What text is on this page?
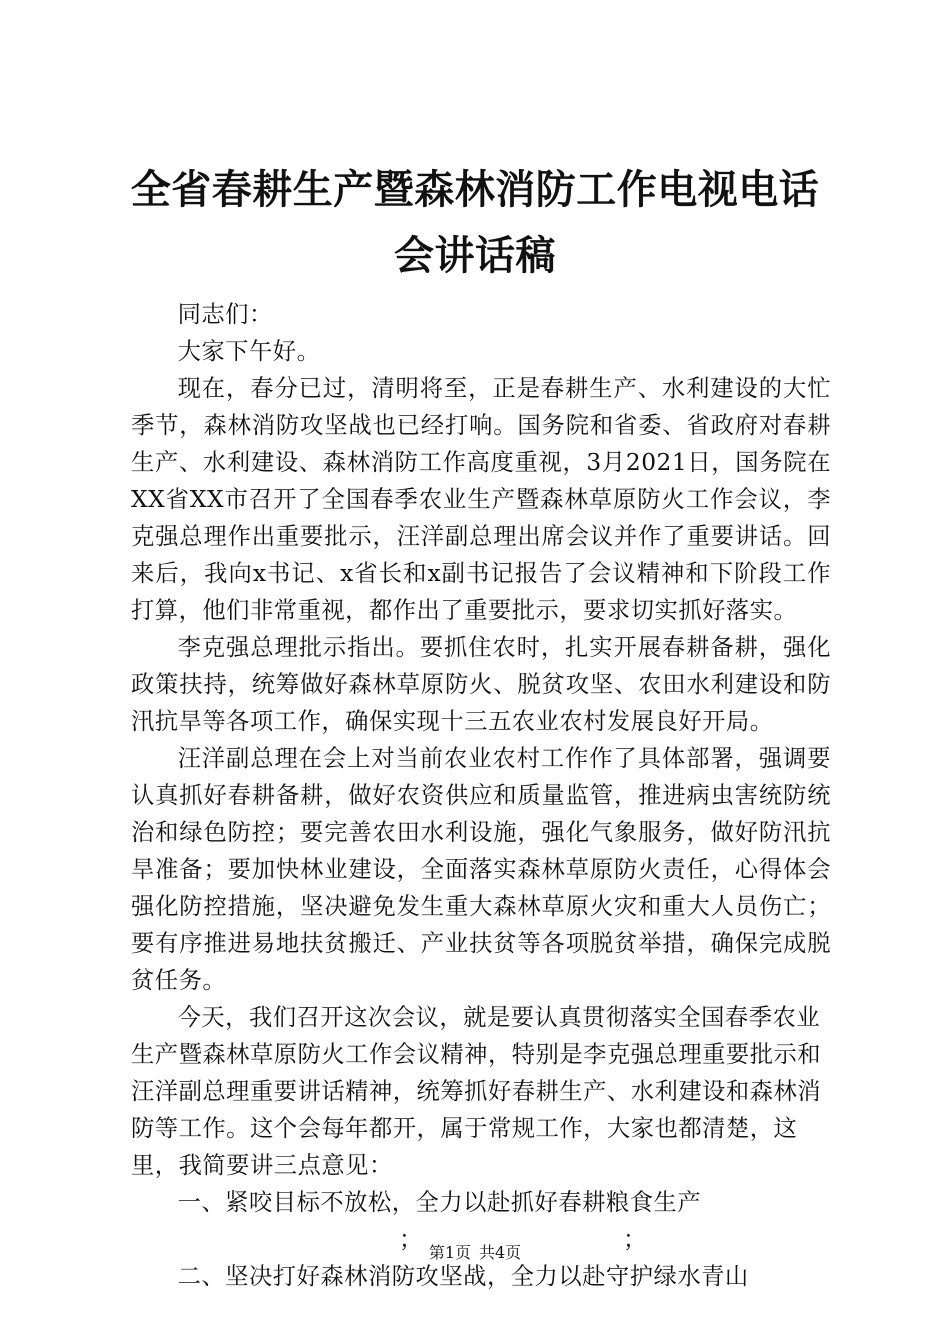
全省春耕生产暨森林消防工作电视电话会讲话稿

同志们：

大家下午好。

现在，春分已过，清明将至，正是春耕生产、水利建设的大忙季节，森林消防攻坚战也已经打响。国务院和省委、省政府对春耕生产、水利建设、森林消防工作高度重视，3月2021日，国务院在XX省XX市召开了全国春季农业生产暨森林草原防火工作会议，李克强总理作出重要批示，汪洋副总理出席会议并作了重要讲话。回来后，我向x书记、x省长和x副书记报告了会议精神和下阶段工作打算，他们非常重视，都作出了重要批示，要求切实抓好落实。

李克强总理批示指出。要抓住农时，扎实开展春耕备耕，强化政策扶持，统筹做好森林草原防火、脱贫攻坚、农田水利建设和防汛抗旱等各项工作，确保实现十三五农业农村发展良好开局。

汪洋副总理在会上对当前农业农村工作作了具体部署，强调要认真抓好春耕备耕，做好农资供应和质量监管，推进病虫害统防统治和绿色防控；要完善农田水利设施，强化气象服务，做好防汛抗旱准备；要加快林业建设，全面落实森林草原防火责任，心得体会强化防控措施，坚决避免发生重大森林草原火灾和重大人员伤亡；要有序推进易地扶贫搬迁、产业扶贫等各项脱贫举措，确保完成脱贫任务。

今天，我们召开这次会议，就是要认真贯彻落实全国春季农业生产暨森林草原防火工作会议精神，特别是李克强总理重要批示和汪洋副总理重要讲话精神，统筹抓好春耕生产、水利建设和森林消防等工作。这个会每年都开，属于常规工作，大家也都清楚，这里，我简要讲三点意见：

一、紧咬目标不放松，全力以赴抓好春耕粮食生产

；	；

二、坚决打好森林消防攻坚战，全力以赴守护绿水青山

第1页 共4页
